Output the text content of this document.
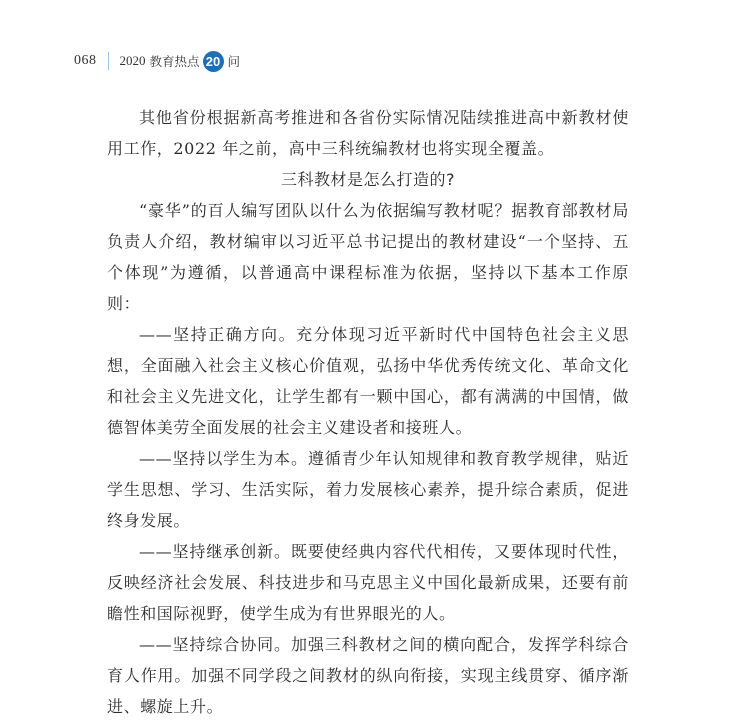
068 2020 教育热点 20 问

其他省份根据新高考推进和各省份实际情况陆续推进高中新教材使用工作，2022 年之前，高中三科统编教材也将实现全覆盖。

三科教材是怎么打造的?

“豪华”的百人编写团队以什么为依据编写教材呢？据教育部教材局负责人介绍，教材编审以习近平总书记提出的教材建设“一个坚持、五个体现”为遵循，以普通高中课程标准为依据，坚持以下基本工作原则：

——坚持正确方向。充分体现习近平新时代中国特色社会主义思想，全面融入社会主义核心价值观，弘扬中华优秀传统文化、革命文化和社会主义先进文化，让学生都有一颗中国心，都有满满的中国情，做德智体美劳全面发展的社会主义建设者和接班人。

——坚持以学生为本。遵循青少年认知规律和教育教学规律，贴近学生思想、学习、生活实际，着力发展核心素养，提升综合素质，促进终身发展。

——坚持继承创新。既要使经典内容代代相传，又要体现时代性，反映经济社会发展、科技进步和马克思主义中国化最新成果，还要有前瞻性和国际视野，使学生成为有世界眼光的人。

——坚持综合协同。加强三科教材之间的横向配合，发挥学科综合育人作用。加强不同学段之间教材的纵向衔接，实现主线贯穿、循序渐进、螺旋上升。
